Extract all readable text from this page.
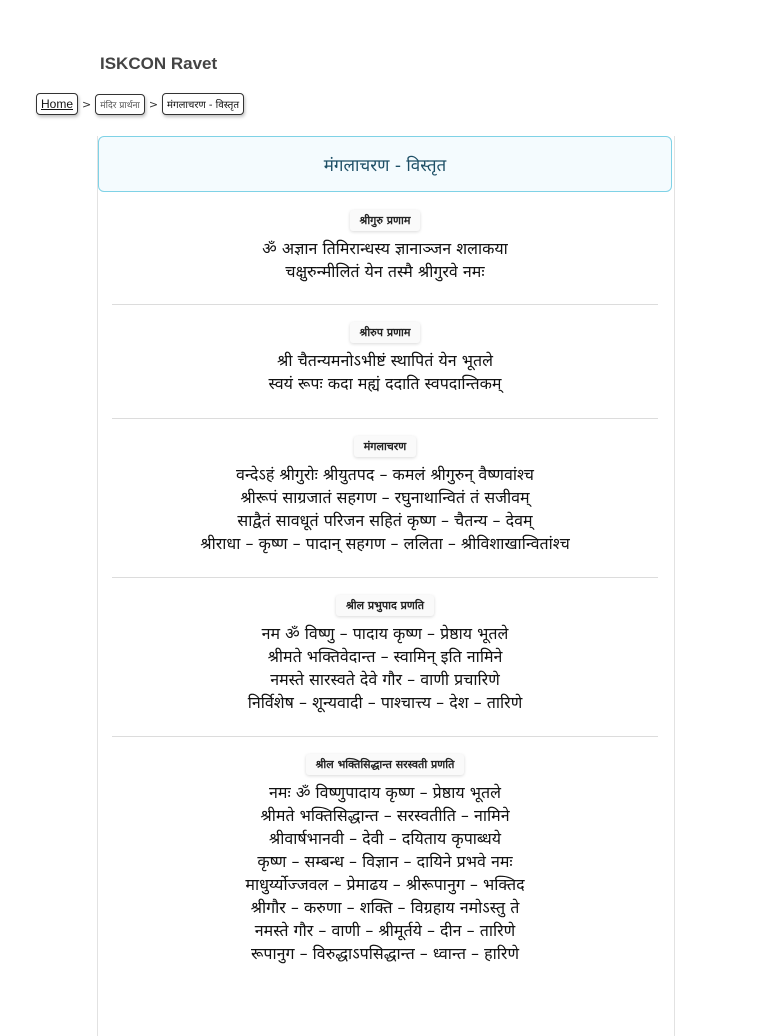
ISKCON Ravet
Home >	मंदिर प्रार्थना > मंगलाचरण - विस्तृत
मंगलाचरण - विस्तृत
श्रीगुरु प्रणाम
ॐ अज्ञान तिमिरान्धस्य ज्ञानाञ्जन शलाकया
चक्षुरुन्मीलितं येन तस्मै श्रीगुरवे नमः
श्रीरुप प्रणाम
श्री चैतन्यमनोऽभीष्टं स्थापितं येन भूतले
स्वयं रूपः कदा मह्यं ददाति स्वपदान्तिकम्
मंगलाचरण
वन्देऽहं श्रीगुरोः श्रीयुतपद – कमलं श्रीगुरुन् वैष्णवांश्च
श्रीरूपं साग्रजातं सहगण – रघुनाथान्वितं तं सजीवम्
साद्वैतं सावधूतं परिजन सहितं कृष्ण – चैतन्य – देवम्
श्रीराधा – कृष्ण – पादान् सहगण – ललिता – श्रीविशाखान्वितांश्च
श्रील प्रभुपाद प्रणति
नम ॐ विष्णु – पादाय कृष्ण – प्रेष्ठाय भूतले
श्रीमते भक्तिवेदान्त – स्वामिन् इति नामिने
नमस्ते सारस्वते देवे गौर – वाणी प्रचारिणे
निर्विशेष – शून्यवादी – पाश्चात्त्य – देश – तारिणे
श्रील भक्तिसिद्धान्त सरस्वती प्रणति
नमः ॐ विष्णुपादाय कृष्ण – प्रेष्ठाय भूतले
श्रीमते भक्तिसिद्धान्त – सरस्वतीति – नामिने
श्रीवार्षभानवी – देवी – दयिताय कृपाब्धये
कृष्ण – सम्बन्ध – विज्ञान – दायिने प्रभवे नमः
माधुर्य्योज्जवल – प्रेमाढय – श्रीरूपानुग – भक्तिद
श्रीगौर – करुणा – शक्ति – विग्रहाय नमोऽस्तु ते
नमस्ते गौर – वाणी – श्रीमूर्तये – दीन – तारिणे
रूपानुग – विरुद्धाऽपसिद्धान्त – ध्वान्त – हारिणे
